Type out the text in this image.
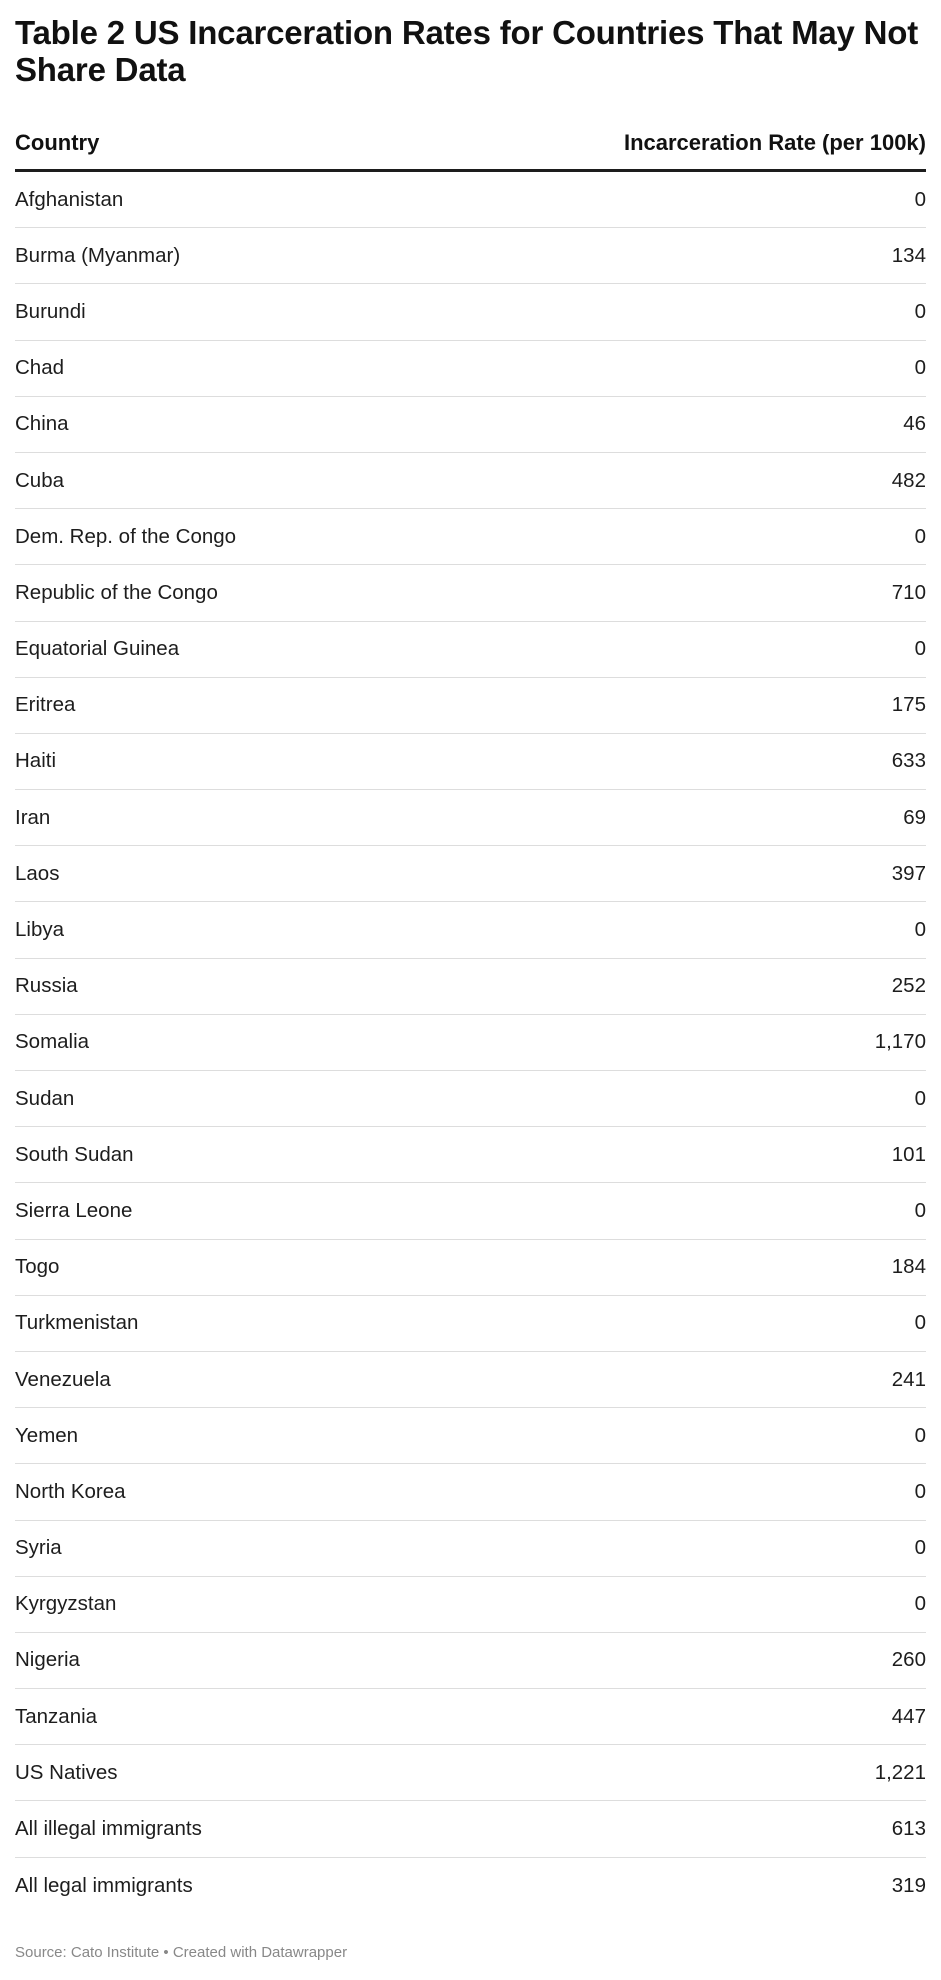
Table 2 US Incarceration Rates for Countries That May Not Share Data
Country	Incarceration Rate (per 100k)
Afghanistan	0
Burma (Myanmar)	134
Burundi	0
Chad	0
China	46
Cuba	482
Dem. Rep. of the Congo	0
Republic of the Congo	710
Equatorial Guinea	0
Eritrea	175
Haiti	633
Iran	69
Laos	397
Libya	0
Russia	252
Somalia	1,170
Sudan	0
South Sudan	101
Sierra Leone	0
Togo	184
Turkmenistan	0
Venezuela	241
Yemen	0
North Korea	0
Syria	0
Kyrgyzstan	0
Nigeria	260
Tanzania	447
US Natives	1,221
All illegal immigrants	613
All legal immigrants	319
Source: Cato Institute • Created with Datawrapper
